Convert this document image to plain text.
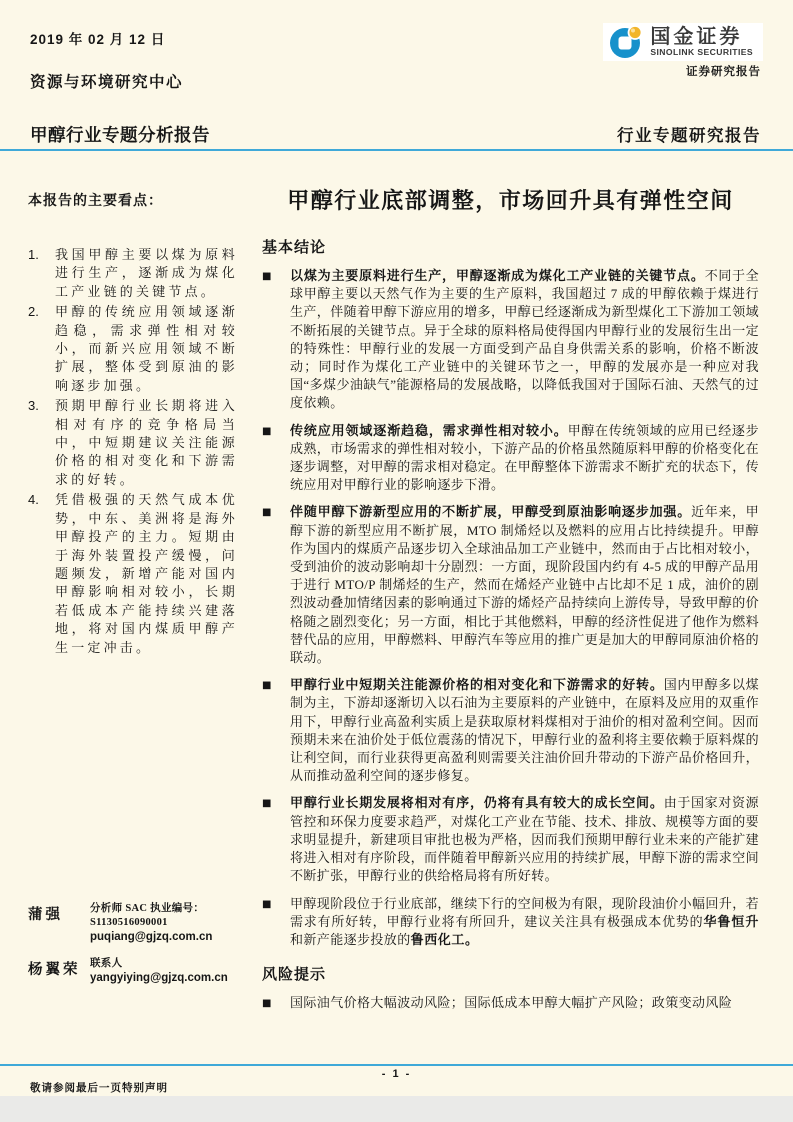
2019 年 02 月 12 日	国金证券
SINOLINK SECURITIES
证券研究报告
资源与环境研究中心
甲醇行业专题分析报告	行业专题研究报告
本报告的主要看点：
1.	我国甲醇主要以煤为原料进行生产，逐渐成为煤化工产业链的关键节点。
2.	甲醇的传统应用领域逐渐趋稳，需求弹性相对较小，而新兴应用领域不断扩展，整体受到原油的影响逐步加强。
3.	预期甲醇行业长期将进入相对有序的竞争格局当中，中短期建议关注能源价格的相对变化和下游需求的好转。
4.	凭借极强的天然气成本优势，中东、美洲将是海外甲醇投产的主力。短期由于海外装置投产缓慢，问题频发，新增产能对国内甲醇影响相对较小，长期若低成本产能持续兴建落地，将对国内煤质甲醇产生一定冲击。
蒲强	分析师 SAC 执业编号：S1130516090001
puqiang@gjzq.com.cn
杨翼荣 联系人
yangyiying@gjzq.com.cn
甲醇行业底部调整，市场回升具有弹性空间
基本结论
■	以煤为主要原料进行生产，甲醇逐渐成为煤化工产业链的关键节点。不同于全球甲醇主要以天然气作为主要的生产原料，我国超过 7 成的甲醇依赖于煤进行生产，伴随着甲醇下游应用的增多，甲醇已经逐渐成为新型煤化工下游加工领域不断拓展的关键节点。异于全球的原料格局使得国内甲醇行业的发展衍生出一定的特殊性：甲醇行业的发展一方面受到产品自身供需关系的影响，价格不断波动；同时作为煤化工产业链中的关键环节之一，甲醇的发展亦是一种应对我国“多煤少油缺气”能源格局的发展战略，以降低我国对于国际石油、天然气的过度依赖。

■	传统应用领域逐渐趋稳，需求弹性相对较小。甲醇在传统领域的应用已经逐步成熟，市场需求的弹性相对较小，下游产品的价格虽然随原料甲醇的价格变化在逐步调整，对甲醇的需求相对稳定。在甲醇整体下游需求不断扩充的状态下，传统应用对甲醇行业的影响逐步下滑。

■	伴随甲醇下游新型应用的不断扩展，甲醇受到原油影响逐步加强。近年来，甲醇下游的新型应用不断扩展，MTO 制烯烃以及燃料的应用占比持续提升。甲醇作为国内的煤质产品逐步切入全球油品加工产业链中，然而由于占比相对较小，受到油价的波动影响却十分剧烈：一方面，现阶段国内约有 4-5 成的甲醇产品用于进行 MTO/P 制烯烃的生产，然而在烯烃产业链中占比却不足 1 成，油价的剧烈波动叠加情绪因素的影响通过下游的烯烃产品持续向上游传导，导致甲醇的价格随之剧烈变化；另一方面，相比于其他燃料，甲醇的经济性促进了他作为燃料替代品的应用，甲醇燃料、甲醇汽车等应用的推广更是加大的甲醇同原油价格的联动。

■	甲醇行业中短期关注能源价格的相对变化和下游需求的好转。国内甲醇多以煤制为主，下游却逐渐切入以石油为主要原料的产业链中，在原料及应用的双重作用下，甲醇行业高盈利实质上是获取原材料煤相对于油价的相对盈利空间。因而预期未来在油价处于低位震荡的情况下，甲醇行业的盈利将主要依赖于原料煤的让利空间，而行业获得更高盈利则需要关注油价回升带动的下游产品价格回升，从而推动盈利空间的逐步修复。

■	甲醇行业长期发展将相对有序，仍将有具有较大的成长空间。由于国家对资源管控和环保力度要求趋严，对煤化工产业在节能、技术、排放、规模等方面的要求明显提升，新建项目审批也极为严格，因而我们预期甲醇行业未来的产能扩建将进入相对有序阶段，而伴随着甲醇新兴应用的持续扩展，甲醇下游的需求空间不断扩张，甲醇行业的供给格局将有所好转。

■	甲醇现阶段位于行业底部，继续下行的空间极为有限，现阶段油价小幅回升，若需求有所好转，甲醇行业将有所回升，建议关注具有极强成本优势的华鲁恒升和新产能逐步投放的鲁西化工。

风险提示
■	国际油气价格大幅波动风险；国际低成本甲醇大幅扩产风险；政策变动风险

- 1 -
敬请参阅最后一页特别声明
